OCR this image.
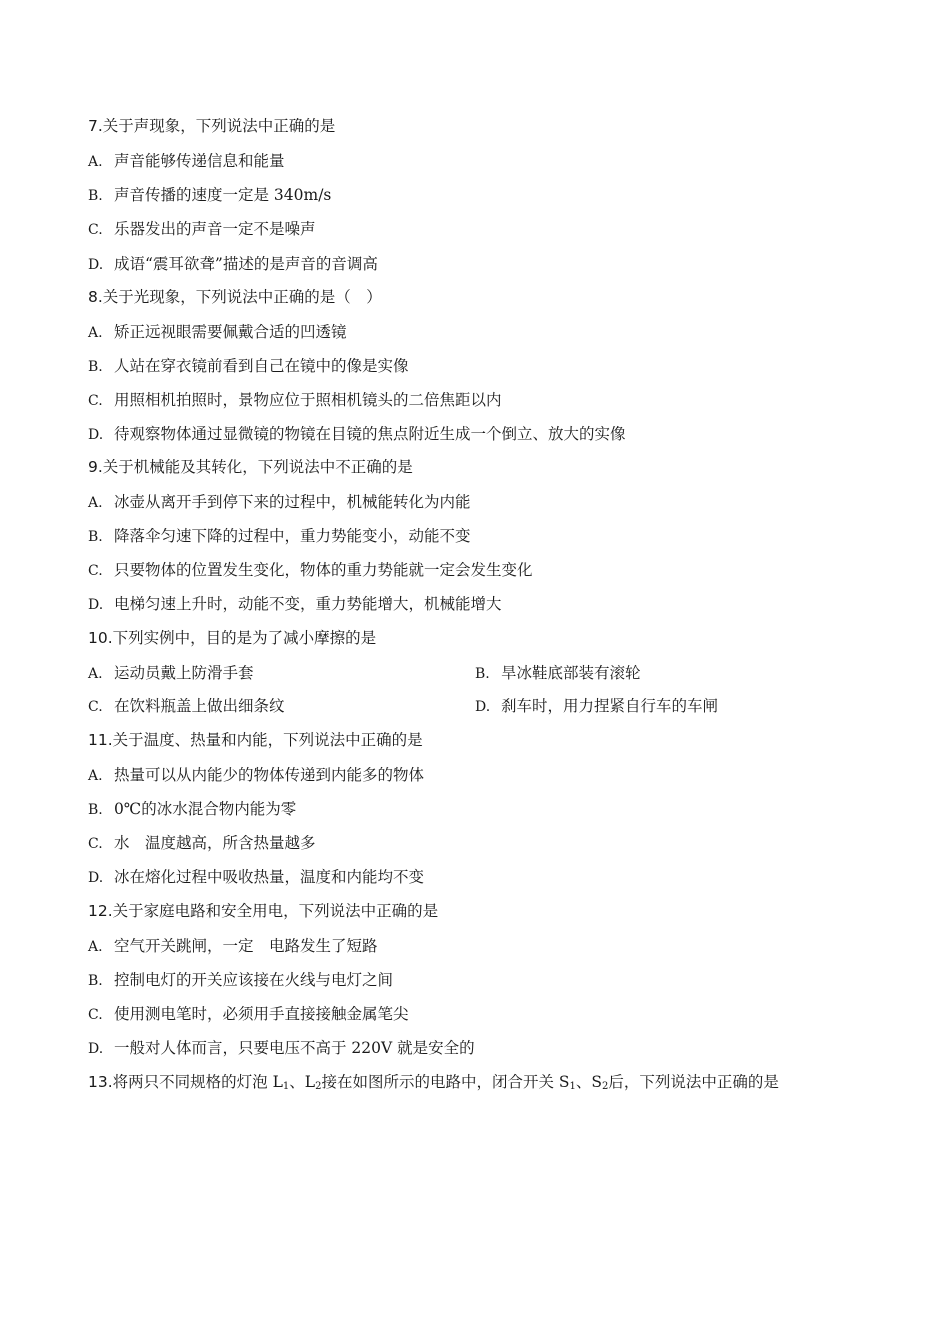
7.关于声现象，下列说法中正确的是
A. 声音能够传递信息和能量
B. 声音传播的速度一定是 340m/s
C. 乐器发出的声音一定不是噪声
D. 成语“震耳欲聋”描述的是声音的音调高
8.关于光现象，下列说法中正确的是（　）
A. 矫正远视眼需要佩戴合适的凹透镜
B. 人站在穿衣镜前看到自己在镜中的像是实像
C. 用照相机拍照时，景物应位于照相机镜头的二倍焦距以内
D. 待观察物体通过显微镜的物镜在目镜的焦点附近生成一个倒立、放大的实像
9.关于机械能及其转化，下列说法中不正确的是
A. 冰壶从离开手到停下来的过程中，机械能转化为内能
B. 降落伞匀速下降的过程中，重力势能变小，动能不变
C. 只要物体的位置发生变化，物体的重力势能就一定会发生变化
D. 电梯匀速上升时，动能不变，重力势能增大，机械能增大
10.下列实例中，目的是为了减小摩擦的是
A. 运动员戴上防滑手套	B. 旱冰鞋底部装有滚轮
C. 在饮料瓶盖上做出细条纹	D. 刹车时，用力捏紧自行车的车闸
11.关于温度、热量和内能，下列说法中正确的是
A. 热量可以从内能少的物体传递到内能多的物体
B. 0℃的冰水混合物内能为零
C. 水　温度越高，所含热量越多
D. 冰在熔化过程中吸收热量，温度和内能均不变
12.关于家庭电路和安全用电，下列说法中正确的是
A. 空气开关跳闸，一定　电路发生了短路
B. 控制电灯的开关应该接在火线与电灯之间
C. 使用测电笔时，必须用手直接接触金属笔尖
D. 一般对人体而言，只要电压不高于 220V 就是安全的
13.将两只不同规格的灯泡 $L_1$、$L_2$接在如图所示的电路中，闭合开关 $S_1$、$S_2$后，下列说法中正确的是
